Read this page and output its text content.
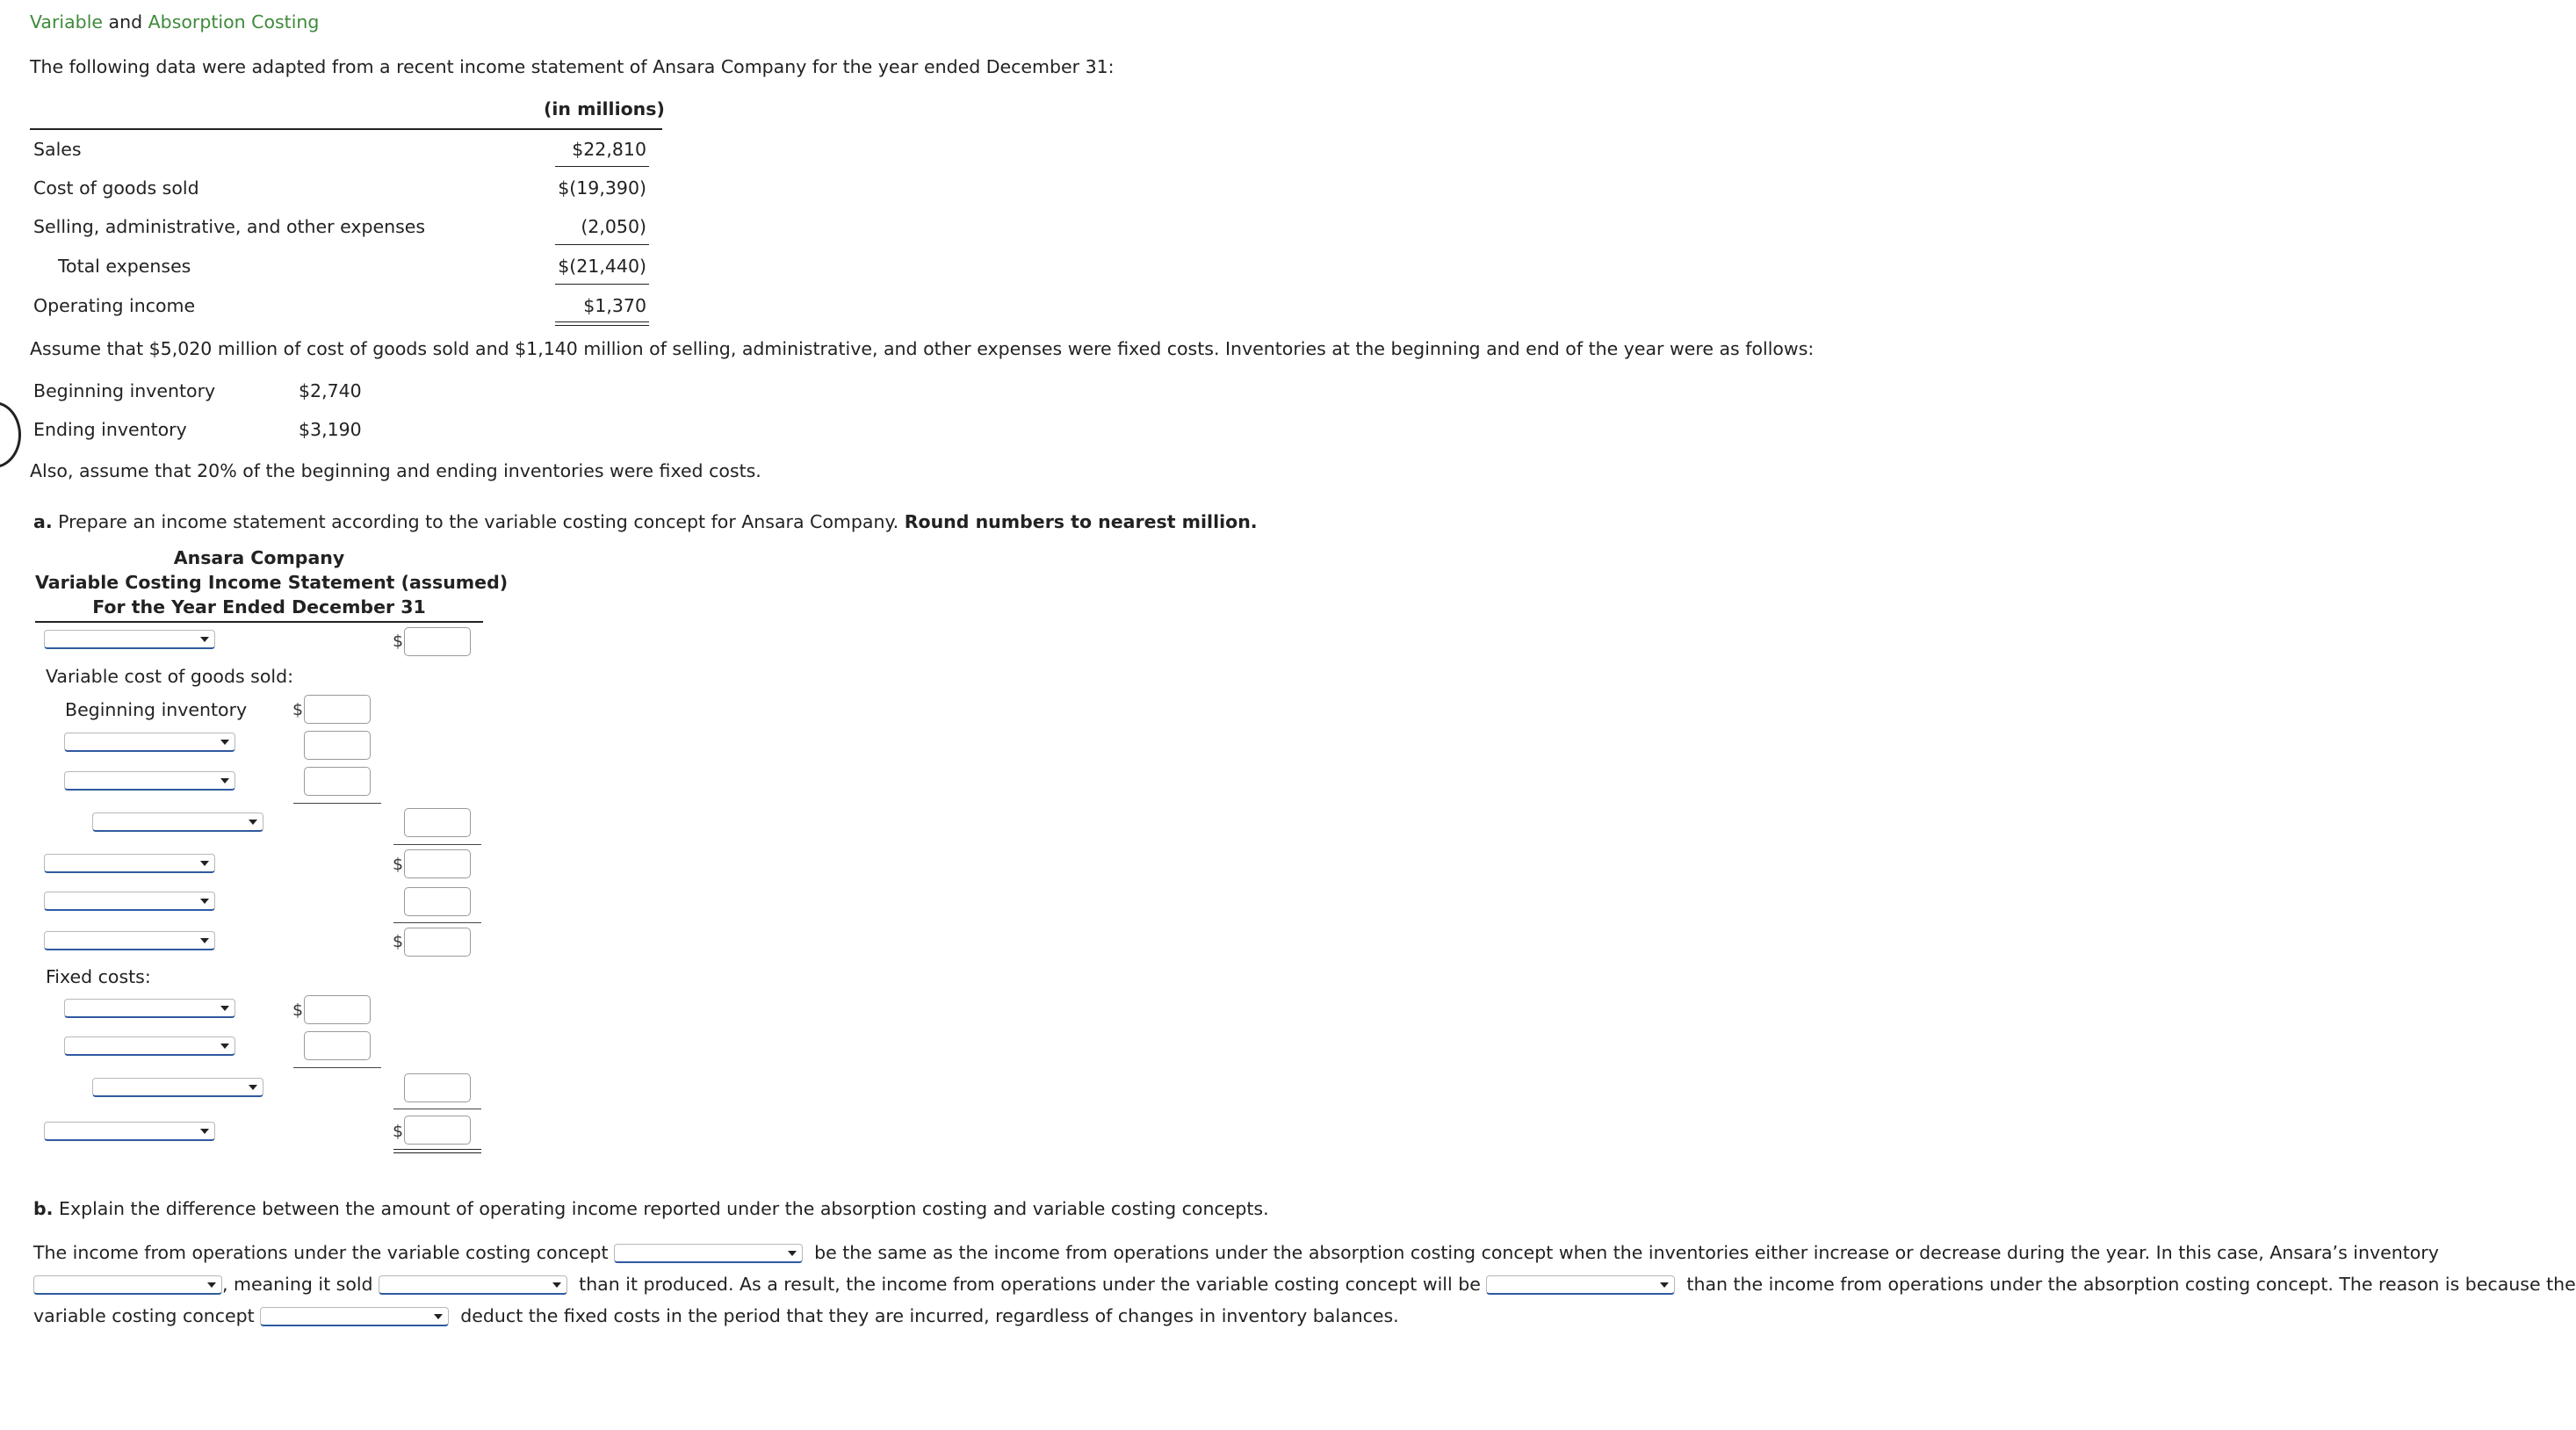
Variable and Absorption Costing
The following data were adapted from a recent income statement of Ansara Company for the year ended December 31:
(in millions)
Sales	$22,810
Cost of goods sold	$(19,390)
Selling, administrative, and other expenses	(2,050)
Total expenses	$(21,440)
Operating income	$1,370
Assume that $5,020 million of cost of goods sold and $1,140 million of selling, administrative, and other expenses were fixed costs. Inventories at the beginning and end of the year were as follows:
Beginning inventory	$2,740
Ending inventory	$3,190
Also, assume that 20% of the beginning and ending inventories were fixed costs.
a. Prepare an income statement according to the variable costing concept for Ansara Company. Round numbers to nearest million.
Ansara Company
Variable Costing Income Statement (assumed)
For the Year Ended December 31
$
Variable cost of goods sold:
Beginning inventory	$
$
$
Fixed costs:
$
$
b. Explain the difference between the amount of operating income reported under the absorption costing and variable costing concepts.
The income from operations under the variable costing concept	be the same as the income from operations under the absorption costing concept when the inventories either increase or decrease during the year. In this case, Ansara’s inventory
, meaning it sold	than it produced. As a result, the income from operations under the variable costing concept will be	than the income from operations under the absorption costing concept. The reason is because the
variable costing concept	deduct the fixed costs in the period that they are incurred, regardless of changes in inventory balances.
